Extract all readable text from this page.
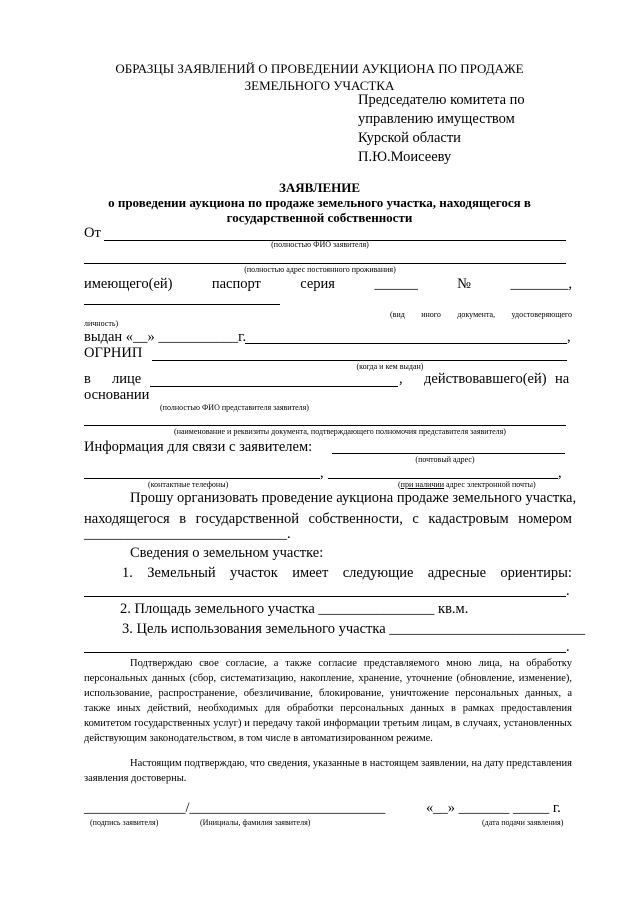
ОБРАЗЦЫ ЗАЯВЛЕНИЙ О ПРОВЕДЕНИИ АУКЦИОНА ПО ПРОДАЖЕ
ЗЕМЕЛЬНОГО УЧАСТКА
Председателю комитета по
управлению имуществом
Курской области
П.Ю.Моисееву
ЗАЯВЛЕНИЕ
о проведении аукциона по продаже земельного участка, находящегося в
государственной собственности
От
(полностью ФИО заявителя)
(полностью адрес постоянного проживания)
имеющего(ей)	паспорт	серия	______	№	________,
(вид иного документа, удостоверяющего
личность)
выдан «__» ___________г.	,
ОГРНИП
(когда и кем выдан)
в лице	, действовавшего(ей) на
основании
(полностью ФИО представителя заявителя)
(наименование и реквизиты документа, подтверждающего полномочия представителя заявителя)
Информация для связи с заявителем:
(почтовый адрес)
,	,
(контактные телефоны)	(при наличии адрес электронной почты)
Прошу организовать проведение аукциона продаже земельного участка,
находящегося в государственной собственности, с кадастровым номером
____________________________.
Сведения о земельном участке:
1. Земельный участок имеет следующие адресные ориентиры:
.
2. Площадь земельного участка ________________ кв.м.
3. Цель использования земельного участка ___________________________
.
Подтверждаю свое согласие, а также согласие представляемого мною лица, на обработку персональных данных (сбор, систематизацию, накопление, хранение, уточнение (обновление, изменение), использование, распространение, обезличивание, блокирование, уничтожение персональных данных, а также иных действий, необходимых для обработки персональных данных в рамках предоставления комитетом государственных услуг) и передачу такой информации третьим лицам, в случаях, установленных действующим законодательством, в том числе в автоматизированном режиме.
Настоящим подтверждаю, что сведения, указанные в настоящем заявлении, на дату представления заявления достоверны.
______________/___________________________	«__» _______ _____ г.
(подпись заявителя)	(Инициалы, фамилия заявителя)	(дата подачи заявления)
